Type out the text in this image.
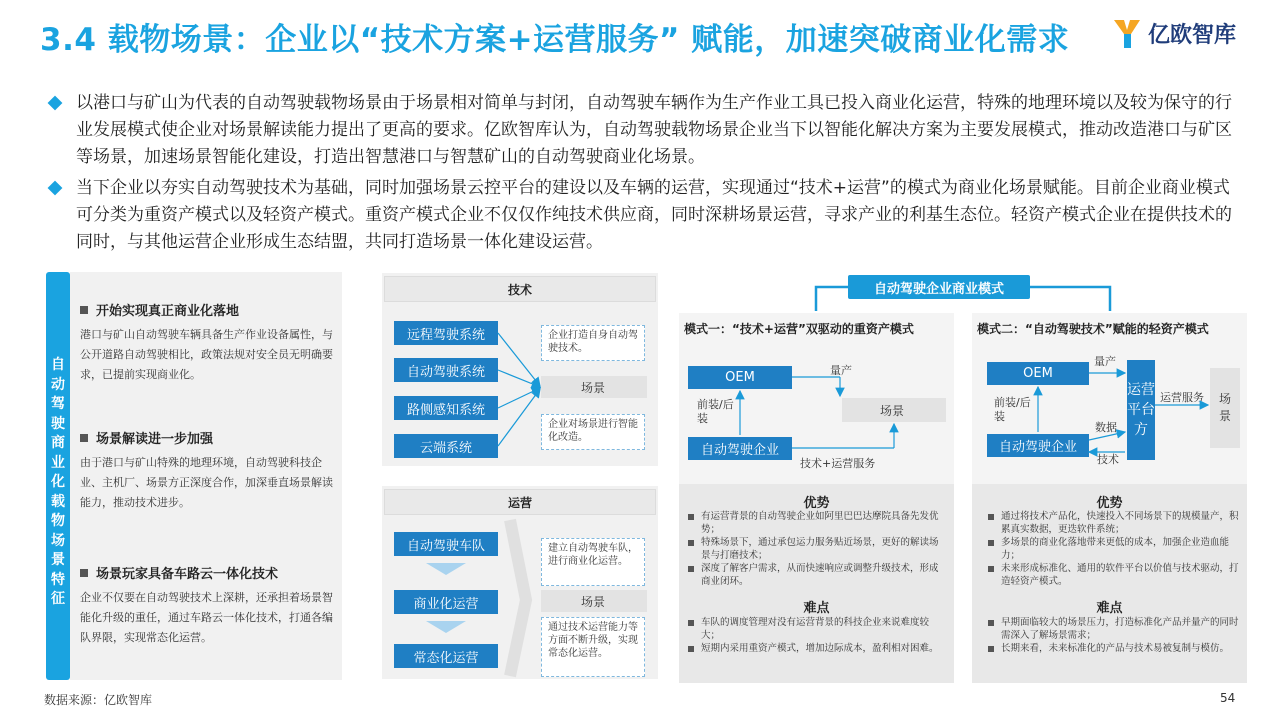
3.4 载物场景：企业以“技术方案+运营服务” 赋能，加速突破商业化需求	亿欧智库
以港口与矿山为代表的自动驾驶载物场景由于场景相对简单与封闭，自动驾驶车辆作为生产作业工具已投入商业化运营，特殊的地理环境以及较为保守的行业发展模式使企业对场景解读能力提出了更高的要求。亿欧智库认为，自动驾驶载物场景企业当下以智能化解决方案为主要发展模式，推动改造港口与矿区等场景，加速场景智能化建设，打造出智慧港口与智慧矿山的自动驾驶商业化场景。
当下企业以夯实自动驾驶技术为基础，同时加强场景云控平台的建设以及车辆的运营，实现通过“技术+运营”的模式为商业化场景赋能。目前企业商业模式可分类为重资产模式以及轻资产模式。重资产模式企业不仅仅作纯技术供应商，同时深耕场景运营，寻求产业的利基生态位。轻资产模式企业在提供技术的同时，与其他运营企业形成生态结盟，共同打造场景一体化建设运营。
自动驾驶商业化载物场景特征
开始实现真正商业化落地
港口与矿山自动驾驶车辆具备生产作业设备属性，与公开道路自动驾驶相比，政策法规对安全员无明确要求，已提前实现商业化。
场景解读进一步加强
由于港口与矿山特殊的地理环境，自动驾驶科技企业、主机厂、场景方正深度合作，加深垂直场景解读能力，推动技术进步。
场景玩家具备车路云一体化技术
企业不仅要在自动驾驶技术上深耕，还承担着场景智能化升级的重任，通过车路云一体化技术，打通各编队界限，实现常态化运营。
技术
远程驾驶系统
自动驾驶系统
路侧感知系统
云端系统
企业打造自身自动驾驶技术。
场景
企业对场景进行智能化改造。
运营
自动驾驶车队
商业化运营
常态化运营
建立自动驾驶车队，进行商业化运营。
场景
通过技术运营能力等方面不断升级，实现常态化运营。
自动驾驶企业商业模式
模式一：“技术+运营”双驱动的重资产模式
OEM
自动驾驶企业
量产
前装/后装
技术+运营服务
场景
优势
有运营背景的自动驾驶企业如阿里巴巴达摩院具备先发优势；
特殊场景下，通过承包运力服务贴近场景，更好的解读场景与打磨技术；
深度了解客户需求，从而快速响应或调整升级技术，形成商业闭环。
难点
车队的调度管理对没有运营背景的科技企业来说难度较大；
短期内采用重资产模式，增加边际成本，盈利相对困难。
模式二：“自动驾驶技术”赋能的轻资产模式
OEM
自动驾驶企业
运营平台方
量产
前装/后装
数据
技术
运营服务	场景
优势
通过将技术产品化，快速投入不同场景下的规模量产，积累真实数据，更迭软件系统；
多场景的商业化落地带来更低的成本，加强企业造血能力；
未来形成标准化、通用的软件平台以价值与技术驱动，打造轻资产模式。
难点
早期面临较大的场景压力，打造标准化产品并量产的同时需深入了解场景需求；
长期来看，未来标准化的产品与技术易被复制与模仿。
数据来源：亿欧智库	54
